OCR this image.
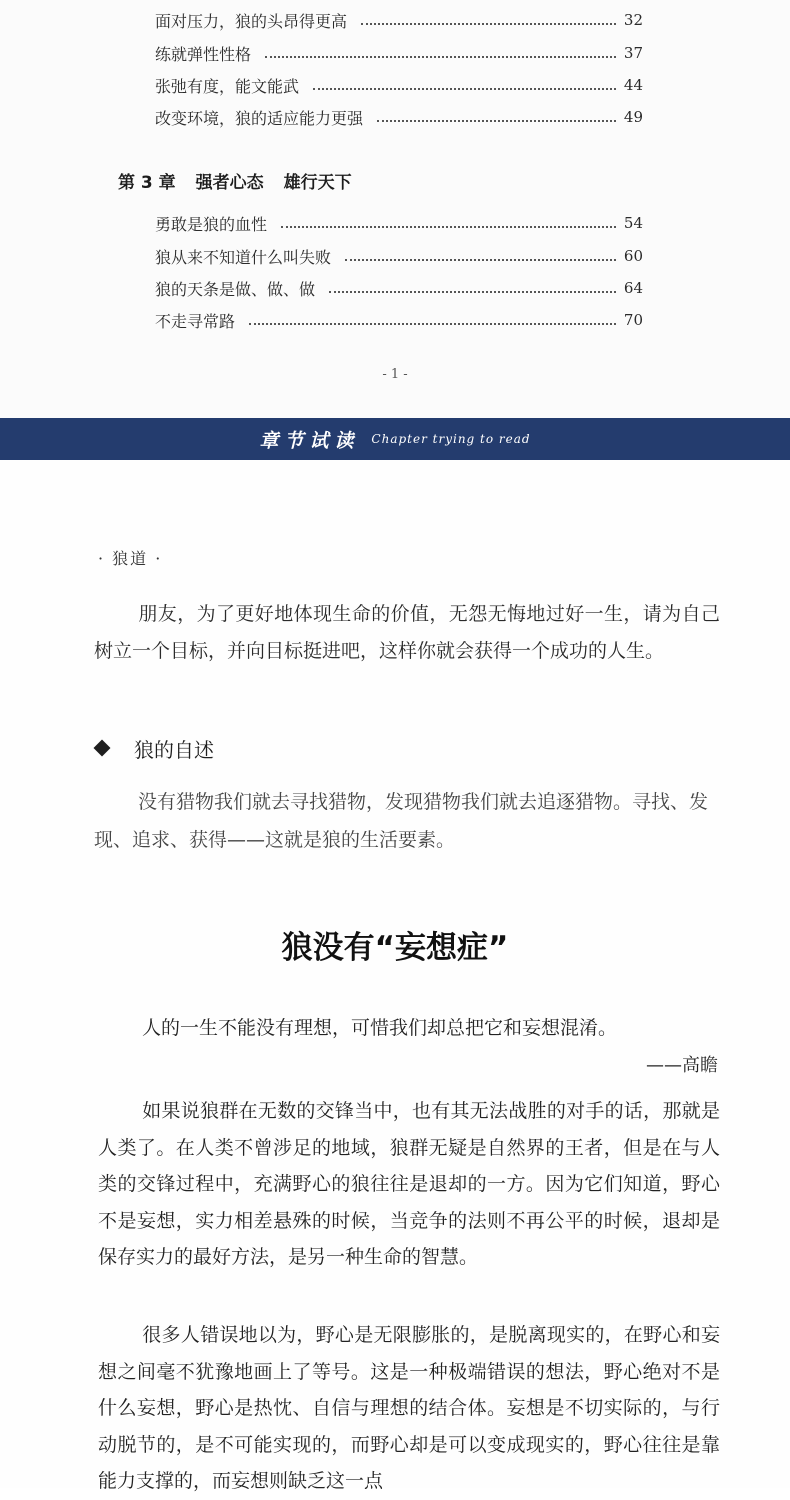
面对压力，狼的头昂得更高	32
练就弹性性格	37
张弛有度，能文能武	44
改变环境，狼的适应能力更强	49
第 3 章 强者心态 雄行天下
勇敢是狼的血性	54
狼从来不知道什么叫失败	60
狼的天条是做、做、做	64
不走寻常路	70
- 1 -
章节试读 Chapter trying to read
· 狼道 ·
朋友，为了更好地体现生命的价值，无怨无悔地过好一生，请为自己树立一个目标，并向目标挺进吧，这样你就会获得一个成功的人生。
狼的自述
没有猎物我们就去寻找猎物，发现猎物我们就去追逐猎物。寻找、发现、追求、获得——这就是狼的生活要素。
狼没有“妄想症”
人的一生不能没有理想，可惜我们却总把它和妄想混淆。
——高瞻
如果说狼群在无数的交锋当中，也有其无法战胜的对手的话，那就是人类了。在人类不曾涉足的地域，狼群无疑是自然界的王者，但是在与人类的交锋过程中，充满野心的狼往往是退却的一方。因为它们知道，野心不是妄想，实力相差悬殊的时候，当竞争的法则不再公平的时候，退却是保存实力的最好方法，是另一种生命的智慧。
很多人错误地以为，野心是无限膨胀的，是脱离现实的，在野心和妄想之间毫不犹豫地画上了等号。这是一种极端错误的想法，野心绝对不是什么妄想，野心是热忱、自信与理想的结合体。妄想是不切实际的，与行动脱节的，是不可能实现的，而野心却是可以变成现实的，野心往往是靠能力支撑的，而妄想则缺乏这一点
